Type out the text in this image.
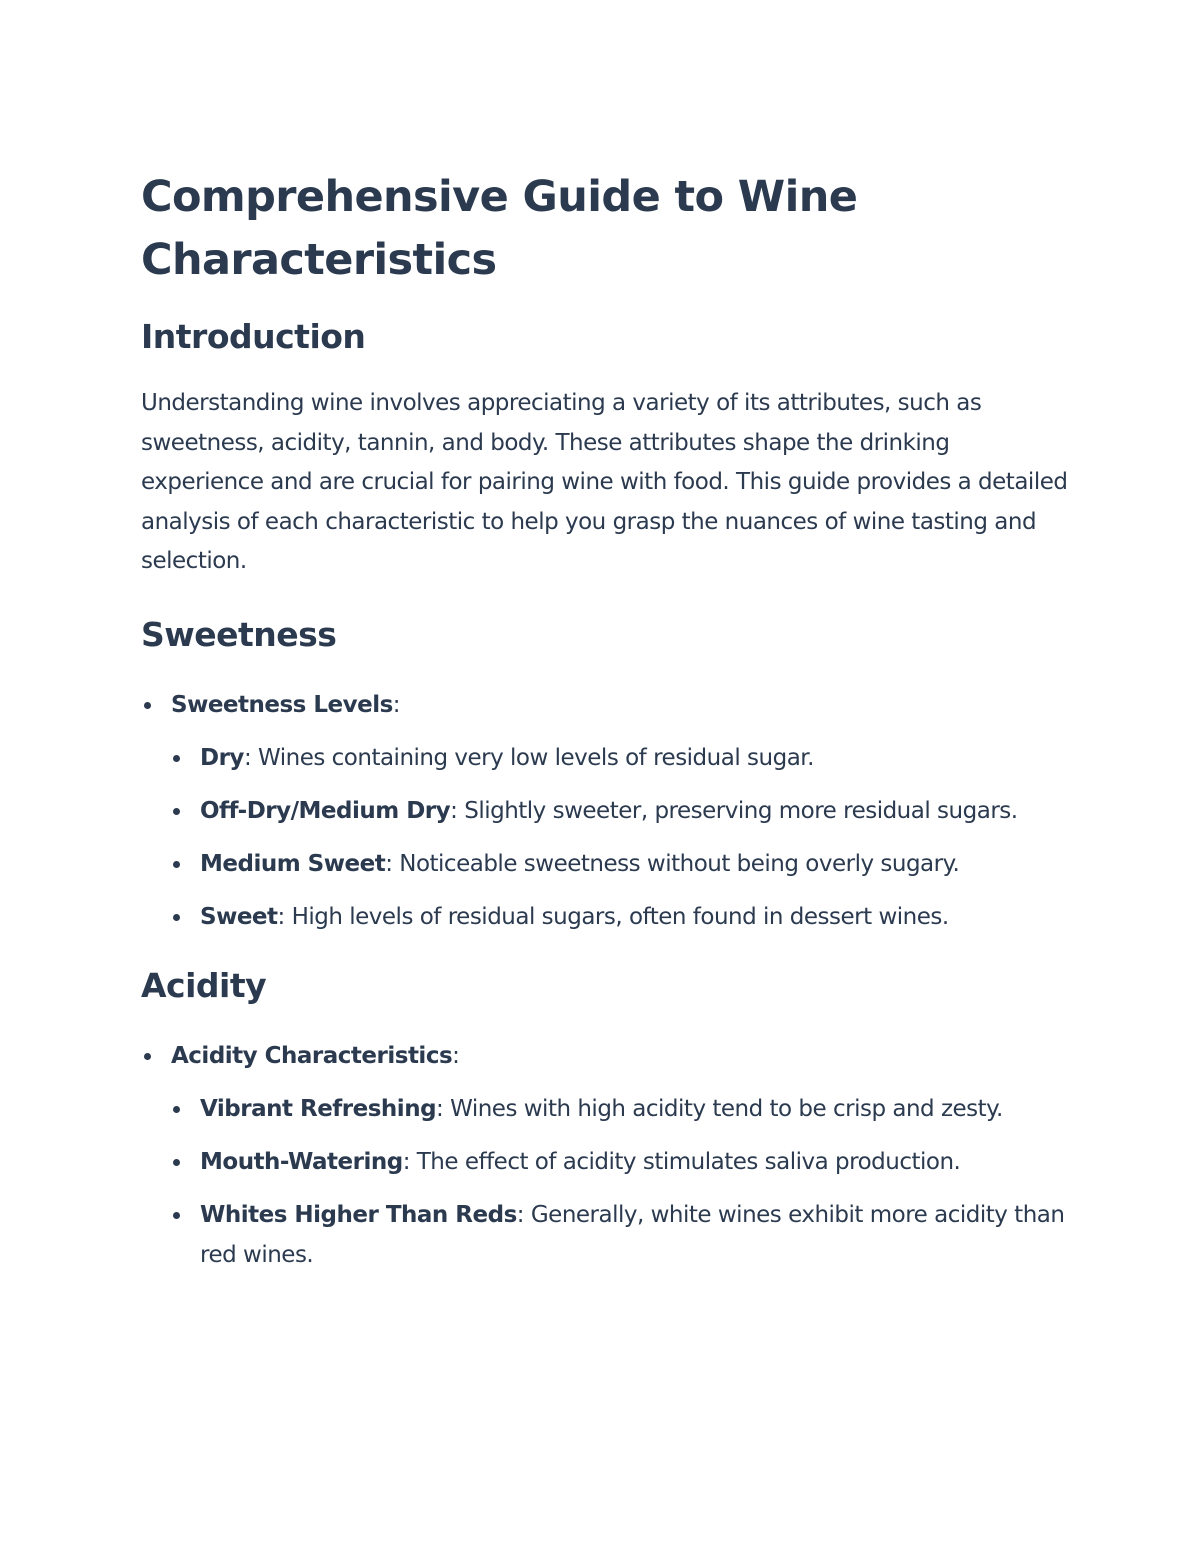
Comprehensive Guide to Wine Characteristics
Introduction

Understanding wine involves appreciating a variety of its attributes, such as sweetness, acidity, tannin, and body. These attributes shape the drinking experience and are crucial for pairing wine with food. This guide provides a detailed analysis of each characteristic to help you grasp the nuances of wine tasting and selection.

Sweetness
Sweetness Levels:
Dry: Wines containing very low levels of residual sugar.
Off-Dry/Medium Dry: Slightly sweeter, preserving more residual sugars.
Medium Sweet: Noticeable sweetness without being overly sugary.
Sweet: High levels of residual sugars, often found in dessert wines.
Acidity
Acidity Characteristics:
Vibrant Refreshing: Wines with high acidity tend to be crisp and zesty.
Mouth-Watering: The effect of acidity stimulates saliva production.
Whites Higher Than Reds: Generally, white wines exhibit more acidity than red wines.
